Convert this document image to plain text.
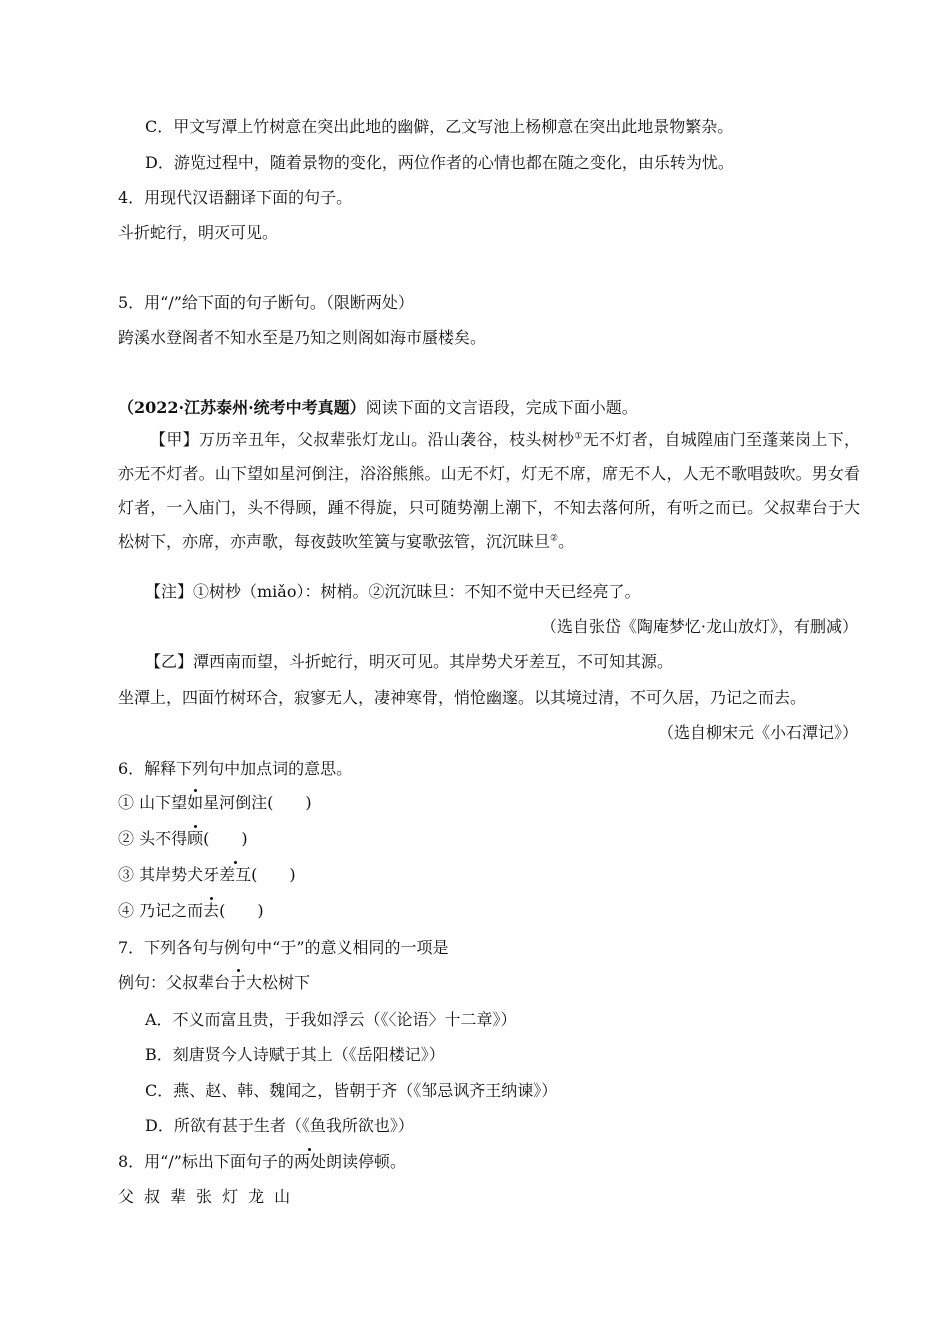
C．甲文写潭上竹树意在突出此地的幽僻，乙文写池上杨柳意在突出此地景物繁杂。
D．游览过程中，随着景物的变化，两位作者的心情也都在随之变化，由乐转为忧。
4．用现代汉语翻译下面的句子。
斗折蛇行，明灭可见。
5．用“/”给下面的句子断句。（限断两处）
跨溪水登阁者不知水至是乃知之则阁如海市蜃楼矣。
（2022·江苏泰州·统考中考真题）阅读下面的文言语段，完成下面小题。
【甲】万历辛丑年，父叔辈张灯龙山。沿山袭谷，枝头树杪①无不灯者，自城隍庙门至蓬莱岗上下，亦无不灯者。山下望如星河倒注，浴浴熊熊。山无不灯，灯无不席，席无不人，人无不歌唱鼓吹。男女看灯者，一入庙门，头不得顾，踵不得旋，只可随势潮上潮下，不知去落何所，有听之而已。父叔辈台于大松树下，亦席，亦声歌，每夜鼓吹笙簧与宴歌弦管，沉沉昧旦②。
【注】①树杪（miǎo）：树梢。②沉沉昧旦：不知不觉中天已经亮了。
（选自张岱《陶庵梦忆·龙山放灯》，有删减）
【乙】潭西南而望，斗折蛇行，明灭可见。其岸势犬牙差互，不可知其源。
坐潭上，四面竹树环合，寂寥无人，凄神寒骨，悄怆幽邃。以其境过清，不可久居，乃记之而去。
（选自柳宋元《小石潭记》）
6．解释下列句中加点词的意思。
① 山下望如星河倒注(　　)
② 头不得顾(　　)
③ 其岸势犬牙差互(　　)
④ 乃记之而去(　　)
7．下列各句与例句中“于”的意义相同的一项是
例句：父叔辈台于大松树下
A．不义而富且贵，于我如浮云（《〈论语〉十二章》）
B．刻唐贤今人诗赋于其上（《岳阳楼记》）
C．燕、赵、韩、魏闻之，皆朝于齐（《邹忌讽齐王纳谏》）
D．所欲有甚于生者（《鱼我所欲也》）
8．用“/”标出下面句子的两处朗读停顿。
父 叔 辈 张 灯 龙 山
